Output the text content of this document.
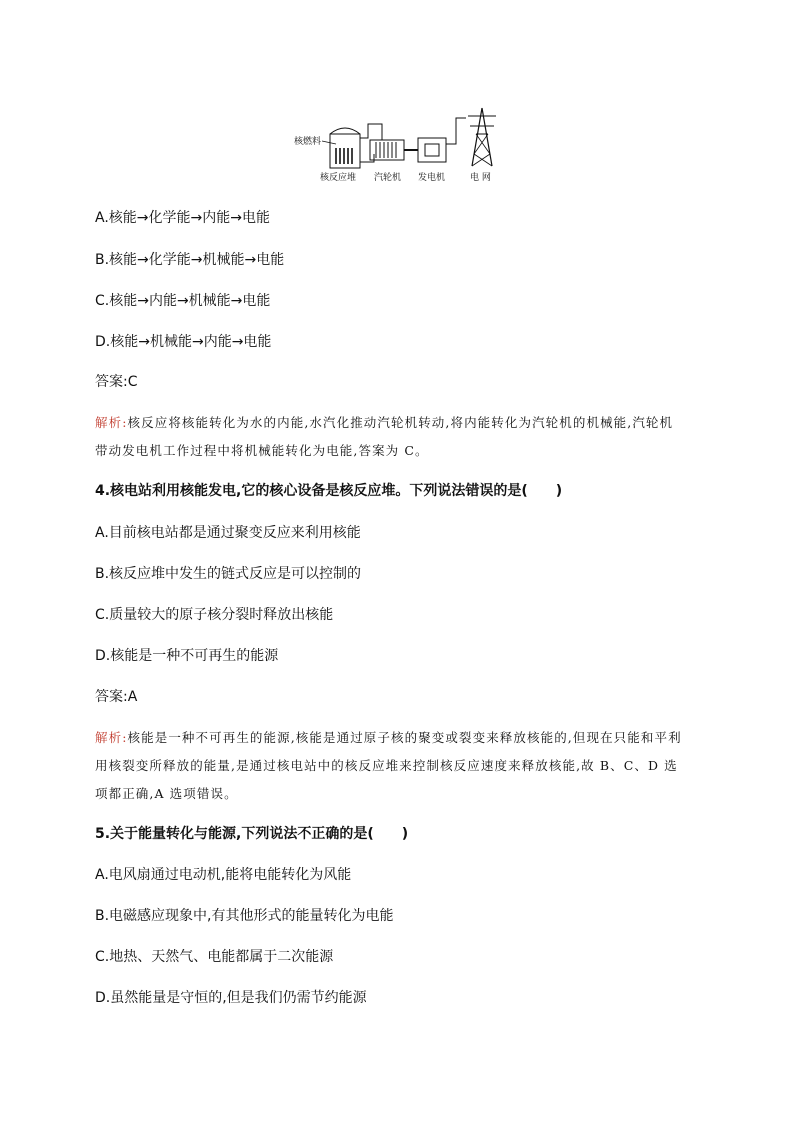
核燃料
核反应堆 汽轮机 发电机	电 网
A.核能→化学能→内能→电能
B.核能→化学能→机械能→电能
C.核能→内能→机械能→电能
D.核能→机械能→内能→电能
答案:C
解析:核反应将核能转化为水的内能,水汽化推动汽轮机转动,将内能转化为汽轮机的机械能,汽轮机
带动发电机工作过程中将机械能转化为电能,答案为 C。
4.核电站利用核能发电,它的核心设备是核反应堆。下列说法错误的是(　　)
A.目前核电站都是通过聚变反应来利用核能
B.核反应堆中发生的链式反应是可以控制的
C.质量较大的原子核分裂时释放出核能
D.核能是一种不可再生的能源
答案:A
解析:核能是一种不可再生的能源,核能是通过原子核的聚变或裂变来释放核能的,但现在只能和平利
用核裂变所释放的能量,是通过核电站中的核反应堆来控制核反应速度来释放核能,故 B、C、D 选
项都正确,A 选项错误。
5.关于能量转化与能源,下列说法不正确的是(　　)
A.电风扇通过电动机,能将电能转化为风能
B.电磁感应现象中,有其他形式的能量转化为电能
C.地热、天然气、电能都属于二次能源
D.虽然能量是守恒的,但是我们仍需节约能源
